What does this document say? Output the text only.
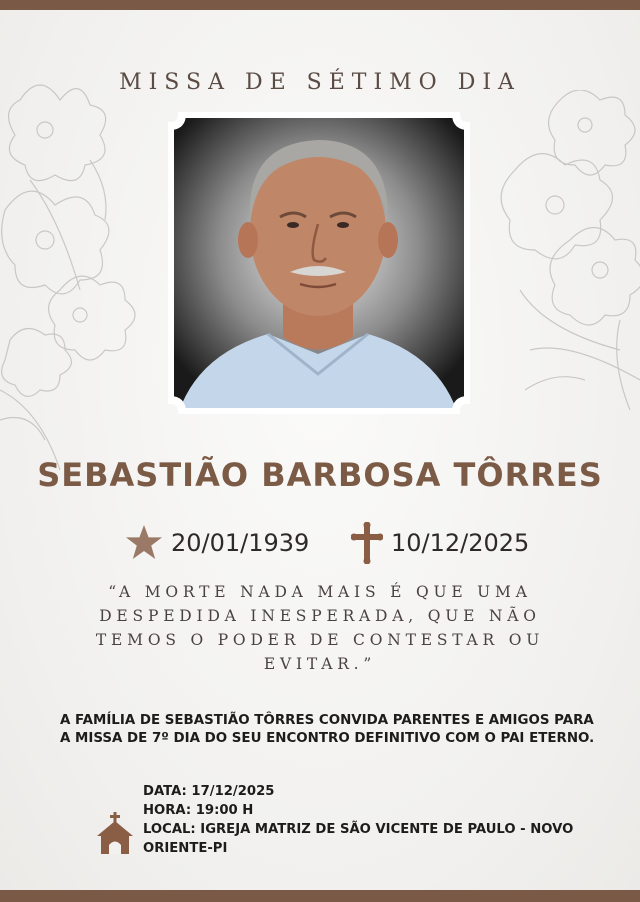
MISSA DE SÉTIMO DIA
SEBASTIÃO BARBOSA TÔRRES
20/01/1939	10/12/2025
“A MORTE NADA MAIS É QUE UMA DESPEDIDA INESPERADA, QUE NÃO TEMOS O PODER DE CONTESTAR OU EVITAR.”
A FAMÍLIA DE SEBASTIÃO TÔRRES CONVIDA PARENTES E AMIGOS PARA A MISSA DE 7º DIA DO SEU ENCONTRO DEFINITIVO COM O PAI ETERNO.
DATA: 17/12/2025
HORA: 19:00 H
LOCAL: IGREJA MATRIZ DE SÃO VICENTE DE PAULO - NOVO ORIENTE-PI
